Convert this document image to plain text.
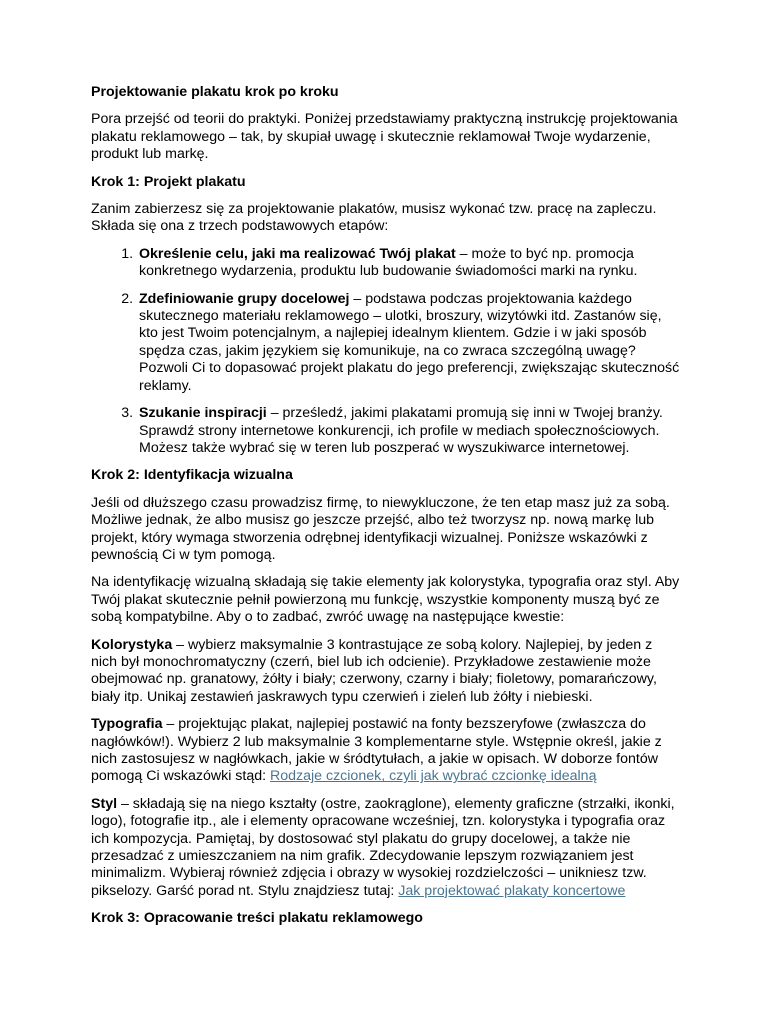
Projektowanie plakatu krok po kroku

Pora przejść od teorii do praktyki. Poniżej przedstawiamy praktyczną instrukcję projektowania plakatu reklamowego – tak, by skupiał uwagę i skutecznie reklamował Twoje wydarzenie, produkt lub markę.

Krok 1: Projekt plakatu

Zanim zabierzesz się za projektowanie plakatów, musisz wykonać tzw. pracę na zapleczu. Składa się ona z trzech podstawowych etapów:

1. Określenie celu, jaki ma realizować Twój plakat – może to być np. promocja konkretnego wydarzenia, produktu lub budowanie świadomości marki na rynku.
2. Zdefiniowanie grupy docelowej – podstawa podczas projektowania każdego skutecznego materiału reklamowego – ulotki, broszury, wizytówki itd. Zastanów się, kto jest Twoim potencjalnym, a najlepiej idealnym klientem. Gdzie i w jaki sposób spędza czas, jakim językiem się komunikuje, na co zwraca szczególną uwagę? Pozwoli Ci to dopasować projekt plakatu do jego preferencji, zwiększając skuteczność reklamy.
3. Szukanie inspiracji – prześledź, jakimi plakatami promują się inni w Twojej branży. Sprawdź strony internetowe konkurencji, ich profile w mediach społecznościowych. Możesz także wybrać się w teren lub poszperać w wyszukiwarce internetowej.
Krok 2: Identyfikacja wizualna

Jeśli od dłuższego czasu prowadzisz firmę, to niewykluczone, że ten etap masz już za sobą. Możliwe jednak, że albo musisz go jeszcze przejść, albo też tworzysz np. nową markę lub projekt, który wymaga stworzenia odrębnej identyfikacji wizualnej. Poniższe wskazówki z pewnością Ci w tym pomogą.

Na identyfikację wizualną składają się takie elementy jak kolorystyka, typografia oraz styl. Aby Twój plakat skutecznie pełnił powierzoną mu funkcję, wszystkie komponenty muszą być ze sobą kompatybilne. Aby o to zadbać, zwróć uwagę na następujące kwestie:

Kolorystyka – wybierz maksymalnie 3 kontrastujące ze sobą kolory. Najlepiej, by jeden z nich był monochromatyczny (czerń, biel lub ich odcienie). Przykładowe zestawienie może obejmować np. granatowy, żółty i biały; czerwony, czarny i biały; fioletowy, pomarańczowy, biały itp. Unikaj zestawień jaskrawych typu czerwień i zieleń lub żółty i niebieski.

Typografia – projektując plakat, najlepiej postawić na fonty bezszeryfowe (zwłaszcza do nagłówków!). Wybierz 2 lub maksymalnie 3 komplementarne style. Wstępnie określ, jakie z nich zastosujesz w nagłówkach, jakie w śródtytułach, a jakie w opisach. W doborze fontów pomogą Ci wskazówki stąd: Rodzaje czcionek, czyli jak wybrać czcionkę idealną

Styl – składają się na niego kształty (ostre, zaokrąglone), elementy graficzne (strzałki, ikonki, logo), fotografie itp., ale i elementy opracowane wcześniej, tzn. kolorystyka i typografia oraz ich kompozycja. Pamiętaj, by dostosować styl plakatu do grupy docelowej, a także nie przesadzać z umieszczaniem na nim grafik. Zdecydowanie lepszym rozwiązaniem jest minimalizm. Wybieraj również zdjęcia i obrazy w wysokiej rozdzielczości – unikniesz tzw. pikselozy. Garść porad nt. Stylu znajdziesz tutaj: Jak projektować plakaty koncertowe

Krok 3: Opracowanie treści plakatu reklamowego
